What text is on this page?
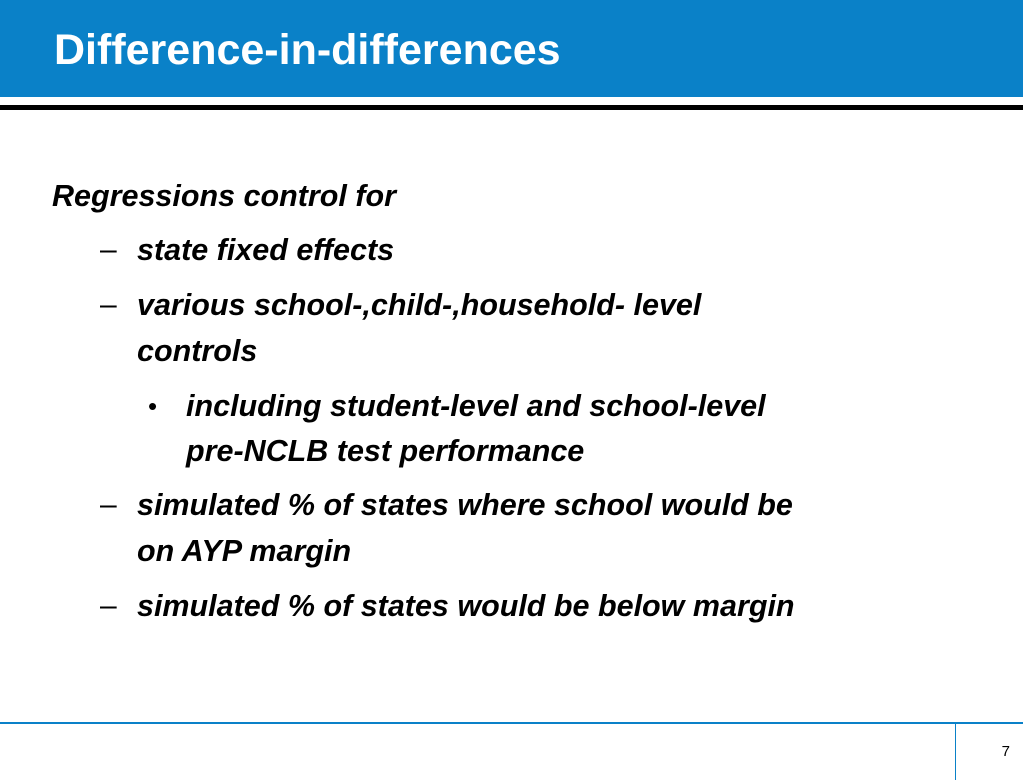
Difference-in-differences
Regressions control for
– state fixed effects
– various school-,child-,household- level
controls
• including student-level and school-level
pre-NCLB test performance
– simulated % of states where school would be
on AYP margin
– simulated % of states would be below margin
7
